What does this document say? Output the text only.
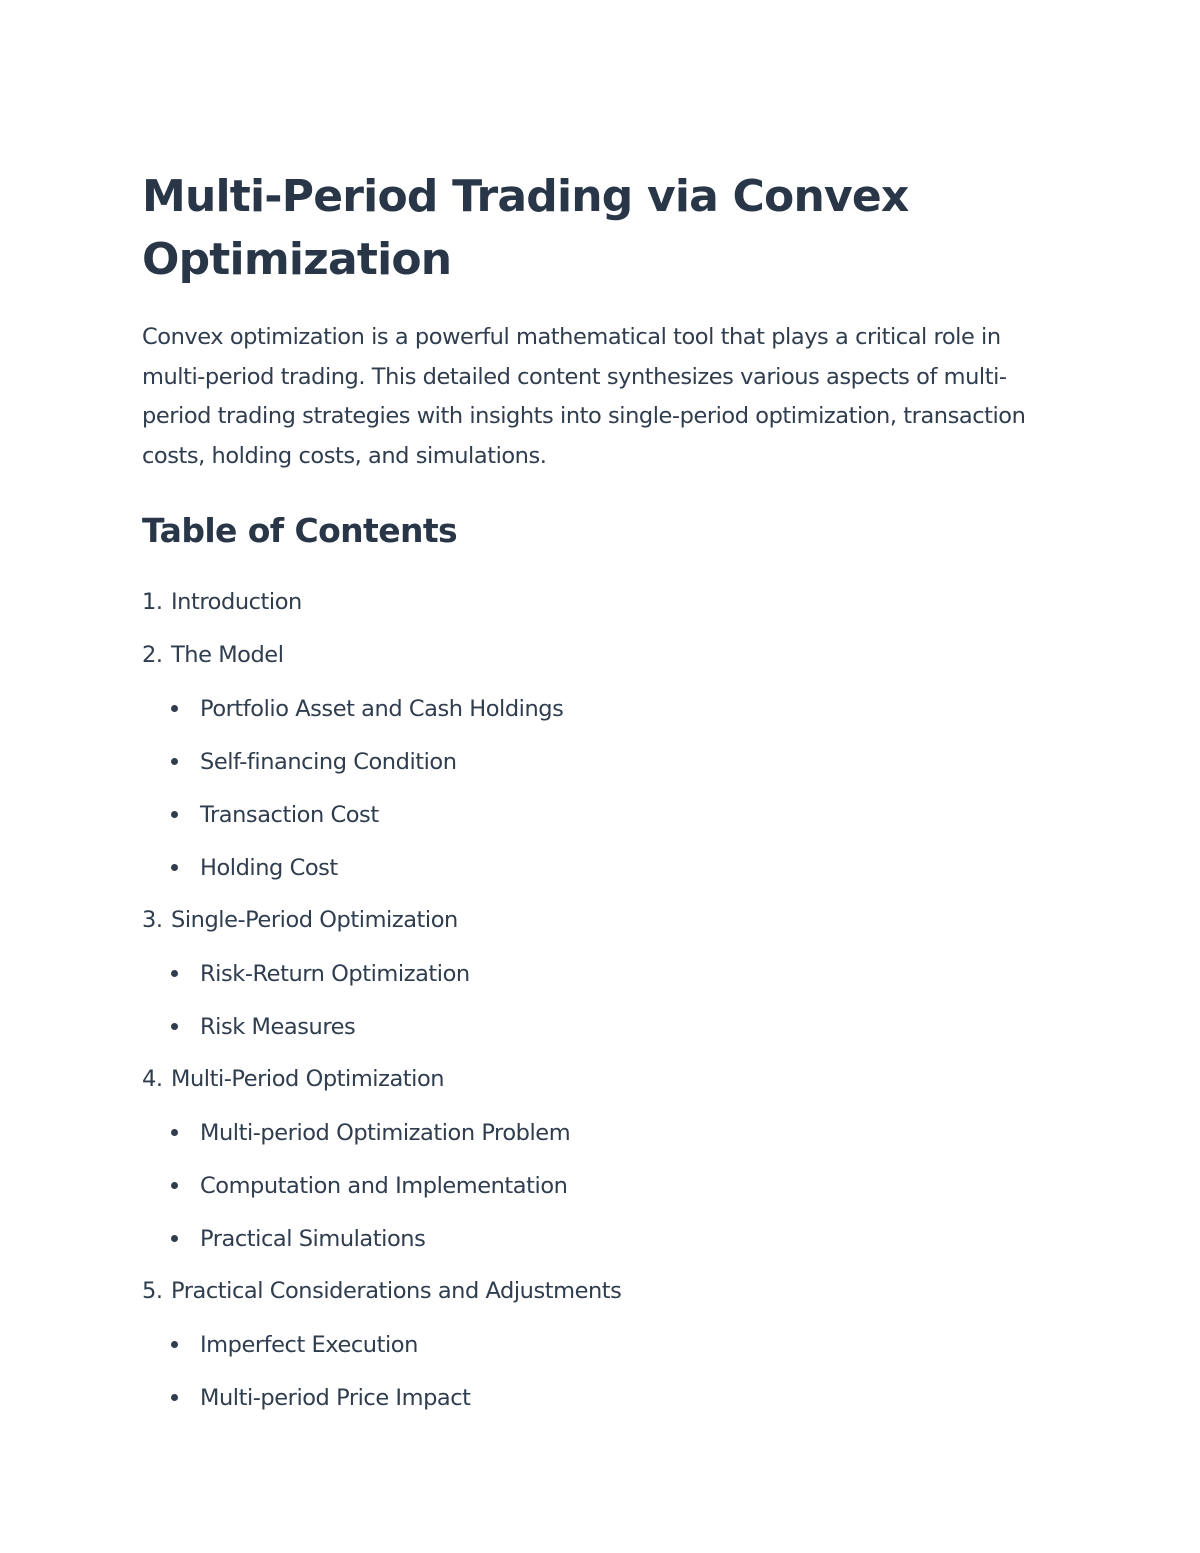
Multi-Period Trading via Convex Optimization

Convex optimization is a powerful mathematical tool that plays a critical role in multi-period trading. This detailed content synthesizes various aspects of multi-period trading strategies with insights into single-period optimization, transaction costs, holding costs, and simulations.

Table of Contents
1. Introduction
2. The Model
Portfolio Asset and Cash Holdings
Self-financing Condition
Transaction Cost
Holding Cost
3. Single-Period Optimization
Risk-Return Optimization
Risk Measures
4. Multi-Period Optimization
Multi-period Optimization Problem
Computation and Implementation
Practical Simulations
5. Practical Considerations and Adjustments
Imperfect Execution
Multi-period Price Impact
